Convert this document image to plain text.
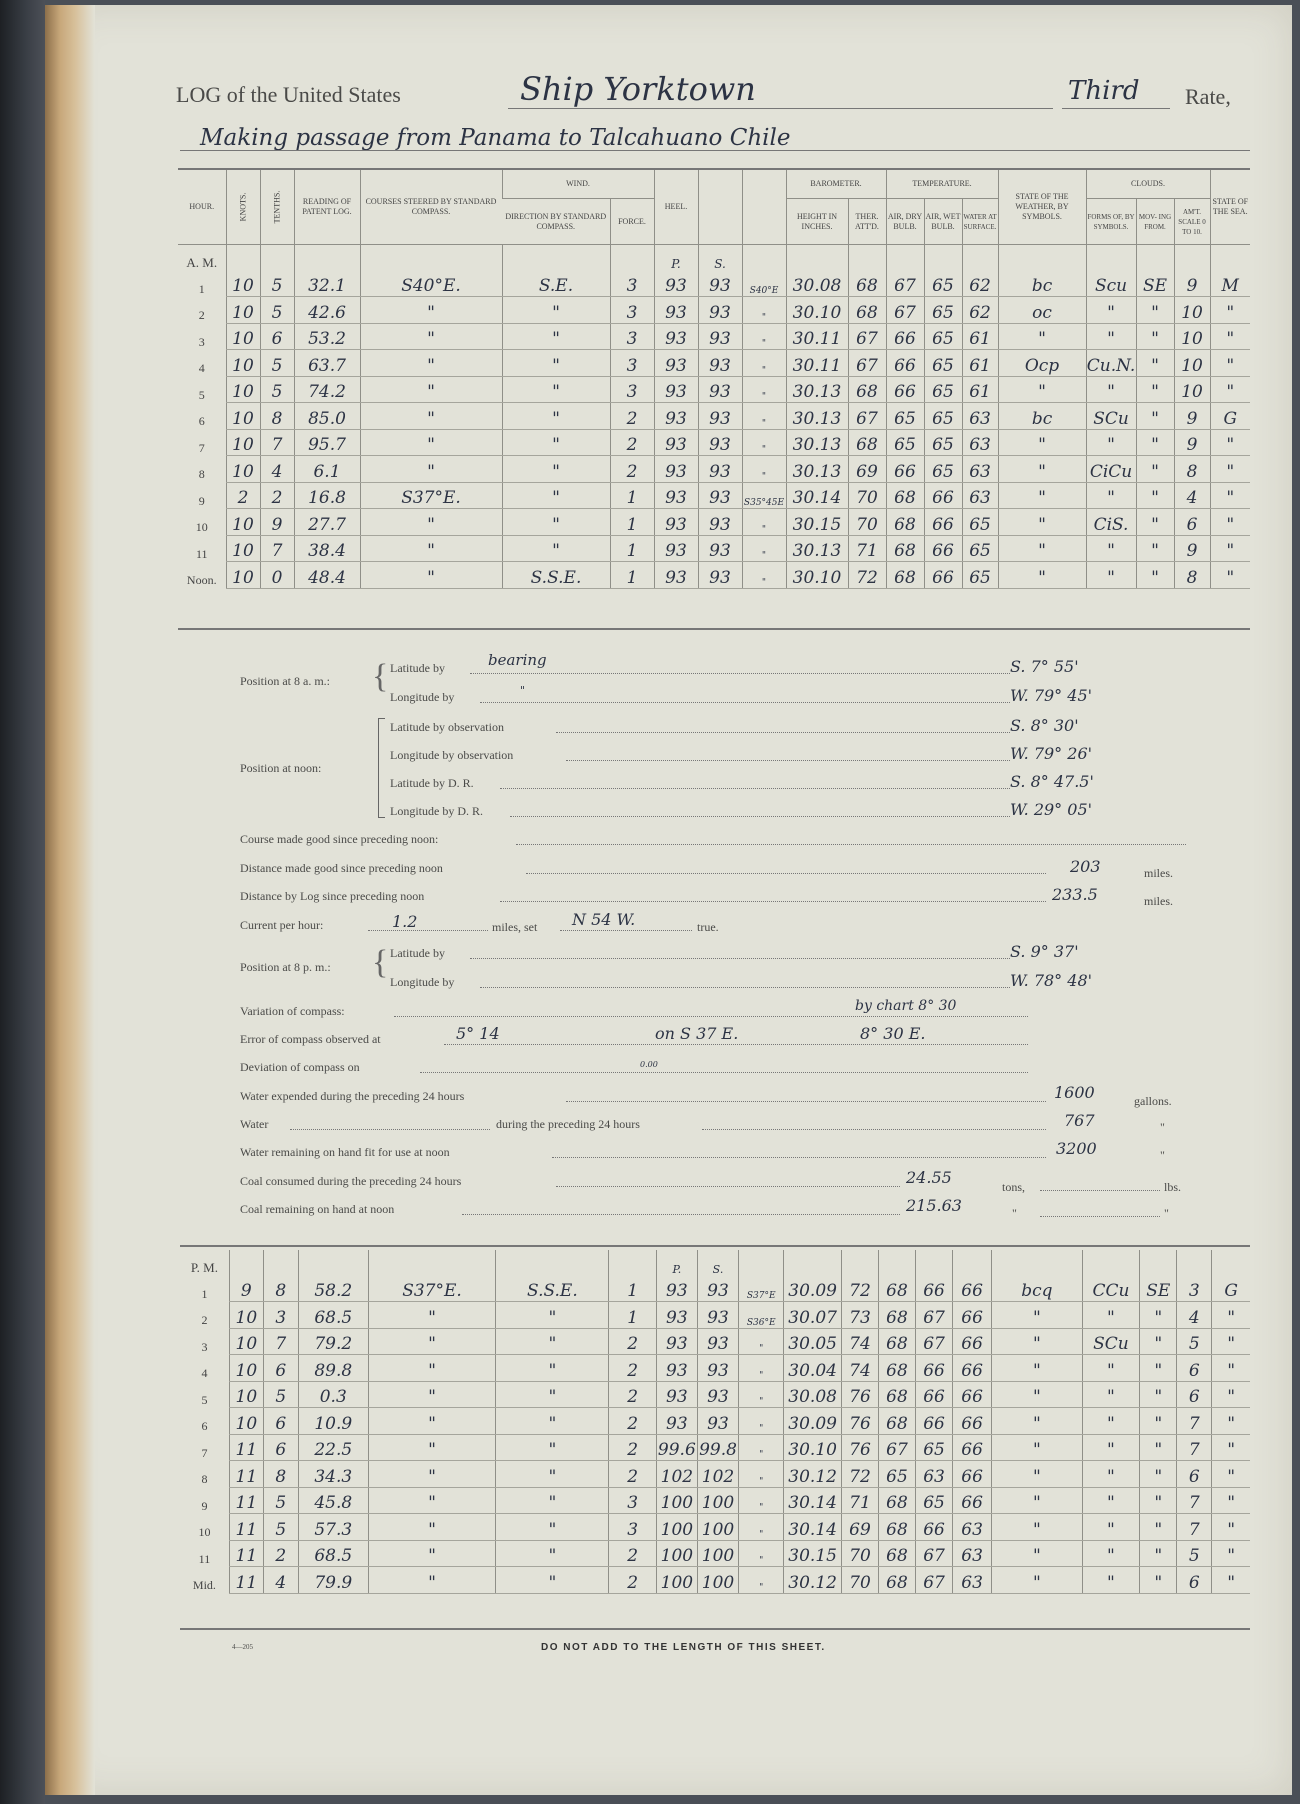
LOG of the United States	Ship Yorktown	Third Rate,
Making passage from Panama to Talcahuano Chile
HOUR.	KNOTS.	TENTHS.	READING OF PATENT LOG.	COURSES STEERED BY STANDARD COMPASS.	WIND.		HEEL.			BAROMETER.		TEMPERATURE.			STATE OF THE WEATHER, BY SYMBOLS.	CLOUDS.			STATE OF THE SEA.
					DIRECTION BY STANDARD COMPASS.	FORCE.				HEIGHT IN INCHES.	THER. ATT'D.	AIR, DRY BULB.	AIR, WET BULB.	WATER AT SURFACE.		FORMS OF, BY SYMBOLS.	MOV- ING FROM.	AM'T. SCALE 0 TO 10.	
A. M.							P.	S.											
1	10	5	32.1	S40°E.	S.E.	3	93	93	S40°E	30.08	68	67	65	62	bc	Scu	SE	9	M
2	10	5	42.6	"	"	3	93	93	"	30.10	68	67	65	62	oc	"	"	10	"
3	10	6	53.2	"	"	3	93	93	"	30.11	67	66	65	61	"	"	"	10	"
4	10	5	63.7	"	"	3	93	93	"	30.11	67	66	65	61	Ocp	Cu.N.	"	10	"
5	10	5	74.2	"	"	3	93	93	"	30.13	68	66	65	61	"	"	"	10	"
6	10	8	85.0	"	"	2	93	93	"	30.13	67	65	65	63	bc	SCu	"	9	G
7	10	7	95.7	"	"	2	93	93	"	30.13	68	65	65	63	"	"	"	9	"
8	10	4	6.1	"	"	2	93	93	"	30.13	69	66	65	63	"	CiCu	"	8	"
9	2	2	16.8	S37°E.	"	1	93	93	S35°45E	30.14	70	68	66	63	"	"	"	4	"
10	10	9	27.7	"	"	1	93	93	"	30.15	70	68	66	65	"	CiS.	"	6	"
11	10	7	38.4	"	"	1	93	93	"	30.13	71	68	66	65	"	"	"	9	"
Noon.	10	0	48.4	"	S.S.E.	1	93	93	"	30.10	72	68	66	65	"	"	"	8	"
Position at 8 a. m.: { Latitude by	bearing	S. 7° 55'
Longitude by	"	W. 79° 45'
Position at noon:
Latitude by observation	S. 8° 30'
Longitude by observation	W. 79° 26'
Latitude by D. R.	S. 8° 47.5'
Longitude by D. R.	W. 29° 05'
Course made good since preceding noon:
Distance made good since preceding noon	203	miles.
Distance by Log since preceding noon	233.5	miles.
Current per hour:	1.2	miles, set N 54 W.	true.
Position at 8 p. m.: { Latitude by	S. 9° 37'
Longitude by	W. 78° 48'
Variation of compass:	by chart 8° 30
Error of compass observed at	5° 14	on S 37 E.	8° 30 E.
Deviation of compass on	0.00
Water expended during the preceding 24 hours	1600	gallons.
Water	during the preceding 24 hours	767	"
Water remaining on hand fit for use at noon	3200	"
Coal consumed during the preceding 24 hours	24.55	tons,	lbs.
Coal remaining on hand at noon	215.63	"	"
P. M.							P.	S.											
1	9	8	58.2	S37°E.	S.S.E.	1	93	93	S37°E	30.09	72	68	66	66	bcq	CCu	SE	3	G
2	10	3	68.5	"	"	1	93	93	S36°E	30.07	73	68	67	66	"	"	"	4	"
3	10	7	79.2	"	"	2	93	93	"	30.05	74	68	67	66	"	SCu	"	5	"
4	10	6	89.8	"	"	2	93	93	"	30.04	74	68	66	66	"	"	"	6	"
5	10	5	0.3	"	"	2	93	93	"	30.08	76	68	66	66	"	"	"	6	"
6	10	6	10.9	"	"	2	93	93	"	30.09	76	68	66	66	"	"	"	7	"
7	11	6	22.5	"	"	2	99.6	99.8	"	30.10	76	67	65	66	"	"	"	7	"
8	11	8	34.3	"	"	2	102	102	"	30.12	72	65	63	66	"	"	"	6	"
9	11	5	45.8	"	"	3	100	100	"	30.14	71	68	65	66	"	"	"	7	"
10	11	5	57.3	"	"	3	100	100	"	30.14	69	68	66	63	"	"	"	7	"
11	11	2	68.5	"	"	2	100	100	"	30.15	70	68	67	63	"	"	"	5	"
Mid.	11	4	79.9	"	"	2	100	100	"	30.12	70	68	67	63	"	"	"	6	"
4—205	DO NOT ADD TO THE LENGTH OF THIS SHEET.
